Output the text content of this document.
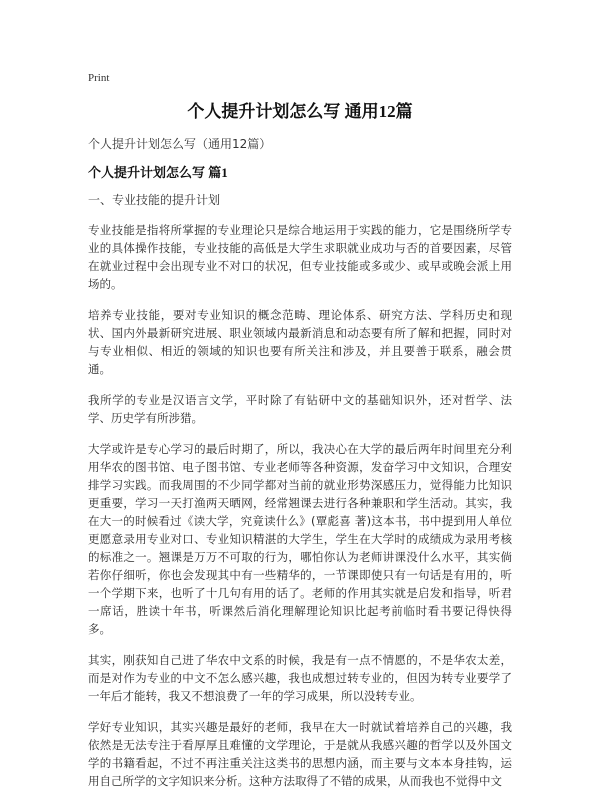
Print
个人提升计划怎么写 通用12篇
个人提升计划怎么写（通用12篇）
个人提升计划怎么写 篇1
一、专业技能的提升计划

专业技能是指将所掌握的专业理论只是综合地运用于实践的能力，它是围绕所学专业的具体操作技能，专业技能的高低是大学生求职就业成功与否的首要因素，尽管在就业过程中会出现专业不对口的状况，但专业技能或多或少、或早或晚会派上用场的。

培养专业技能，要对专业知识的概念范畴、理论体系、研究方法、学科历史和现状、国内外最新研究进展、职业领域内最新消息和动态要有所了解和把握，同时对与专业相似、相近的领域的知识也要有所关注和涉及，并且要善于联系，融会贯通。

我所学的专业是汉语言文学，平时除了有钻研中文的基础知识外，还对哲学、法学、历史学有所涉猎。

大学或许是专心学习的最后时期了，所以，我决心在大学的最后两年时间里充分利用华农的图书馆、电子图书馆、专业老师等各种资源，发奋学习中文知识，合理安排学习实践。而我周围的不少同学都对当前的就业形势深感压力，觉得能力比知识更重要，学习一天打渔两天晒网，经常翘课去进行各种兼职和学生活动。其实，我在大一的时候看过《读大学，究竟读什么》(覃彪喜 著)这本书，书中提到用人单位更愿意录用专业对口、专业知识精湛的大学生，学生在大学时的成绩成为录用考核的标准之一。翘课是万万不可取的行为，哪怕你认为老师讲课没什么水平，其实倘若你仔细听，你也会发现其中有一些精华的，一节课即使只有一句话是有用的，听一个学期下来，也听了十几句有用的话了。老师的作用其实就是启发和指导，听君一席话，胜读十年书，听课然后消化理解理论知识比起考前临时看书要记得快得多。

其实，刚获知自己进了华农中文系的时候，我是有一点不情愿的，不是华农太差，而是对作为专业的中文不怎么感兴趣，我也成想过转专业的，但因为转专业要学了一年后才能转，我又不想浪费了一年的学习成果，所以没转专业。

学好专业知识，其实兴趣是最好的老师，我早在大一时就试着培养自己的兴趣，我依然是无法专注于看厚厚且难懂的文学理论，于是就从我感兴趣的哲学以及外国文学的书籍看起，不过不再注重关注这类书的思想内涵，而主要与文本本身挂钩，运用自己所学的文字知识来分析。这种方法取得了不错的成果，从而我也不觉得中文
